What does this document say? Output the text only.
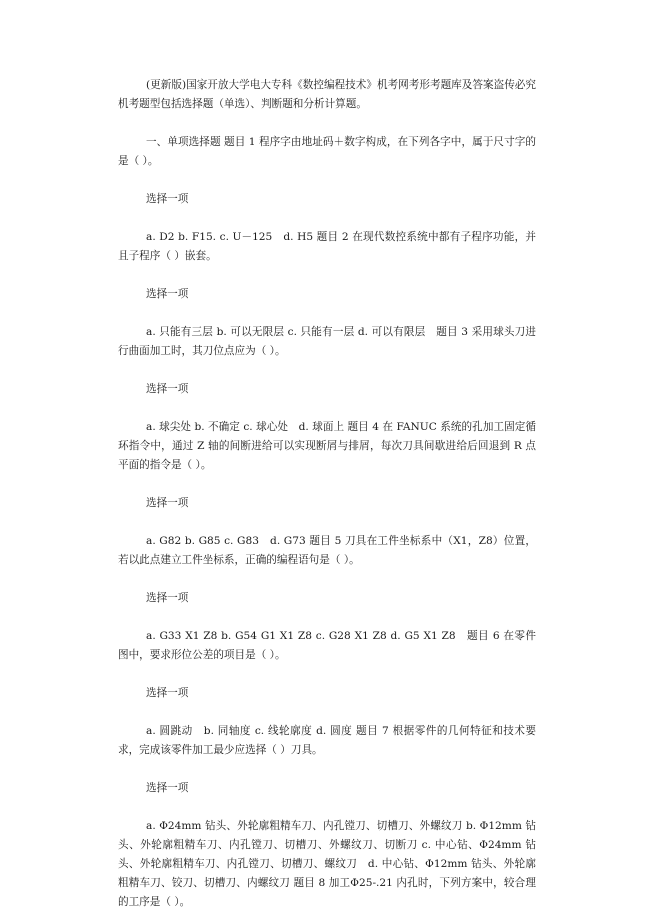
(更新版)国家开放大学电大专科《数控编程技术》机考网考形考题库及答案盗传必究 机考题型包括选择题（单选）、判断题和分析计算题。

一、单项选择题 题目 1 程序字由地址码＋数字构成，在下列各字中，属于尺寸字的是（ ）。

选择一项

a. D2 b. F15. c. U－125　d. H5 题目 2 在现代数控系统中都有子程序功能，并且子程序（ ）嵌套。

选择一项

a. 只能有三层 b. 可以无限层 c. 只能有一层 d. 可以有限层　题目 3 采用球头刀进行曲面加工时，其刀位点应为（ ）。

选择一项

a. 球尖处 b. 不确定 c. 球心处　d. 球面上 题目 4 在 FANUC 系统的孔加工固定循环指令中，通过 Z 轴的间断进给可以实现断屑与排屑，每次刀具间歇进给后回退到 R 点平面的指令是（ ）。

选择一项

a. G82 b. G85 c. G83　d. G73 题目 5 刀具在工件坐标系中（X1，Z8）位置，若以此点建立工件坐标系，正确的编程语句是（ ）。

选择一项

a. G33 X1 Z8 b. G54 G1 X1 Z8 c. G28 X1 Z8 d. G5 X1 Z8　题目 6 在零件图中，要求形位公差的项目是（ ）。

选择一项

a. 圆跳动　b. 同轴度 c. 线轮廓度 d. 圆度 题目 7 根据零件的几何特征和技术要求，完成该零件加工最少应选择（ ）刀具。

选择一项

a. Φ24mm 钻头、外轮廓粗精车刀、内孔镗刀、切槽刀、外螺纹刀 b. Φ12mm 钻头、外轮廓粗精车刀、内孔镗刀、切槽刀、外螺纹刀、切断刀 c. 中心钻、Φ24mm 钻头、外轮廓粗精车刀、内孔镗刀、切槽刀、螺纹刀　d. 中心钻、Φ12mm 钻头、外轮廓粗精车刀、铰刀、切槽刀、内螺纹刀 题目 8 加工Φ25-.21 内孔时，下列方案中，较合理的工序是（ ）。
